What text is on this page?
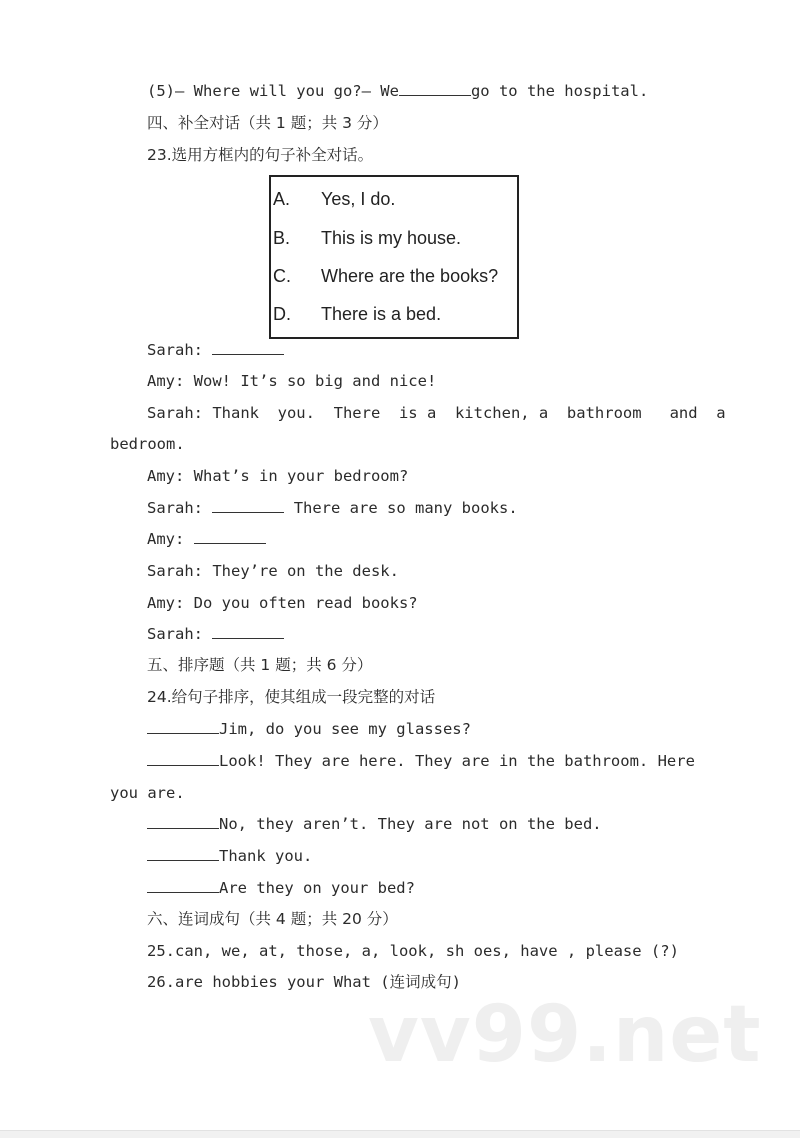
(5)— Where will you go?— We	go to the hospital.
四、补全对话（共 1 题；共 3 分）
23.选用方框内的句子补全对话。
A. Yes, I do.
B. This is my house.
C. Where are the books?
D. There is a bed.
Sarah:
Amy: Wow! It’s so big and nice!
Sarah: Thank  you.  There  is a  kitchen, a  bathroom   and  a
bedroom.
Amy: What’s in your bedroom?
Sarah:	There are so many books.
Amy:
Sarah: They’re on the desk.
Amy: Do you often read books?
Sarah:
五、排序题（共 1 题；共 6 分）
24.给句子排序，使其组成一段完整的对话
Jim, do you see my glasses?
Look! They are here. They are in the bathroom. Here
you are.
No, they aren’t. They are not on the bed.
Thank you.
Are they on your bed?
六、连词成句（共 4 题；共 20 分）
25.can, we, at, those, a, look, sh oes, have , please (?)
26.are hobbies your What (连词成句)
vv99.net
